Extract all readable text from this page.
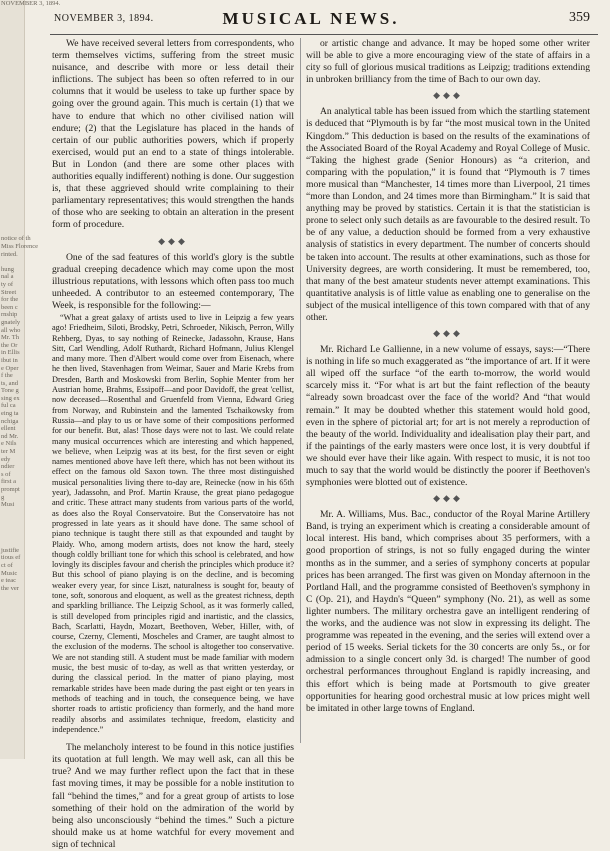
NOVEMBER 3, 1894.

notice of th
Miss Florence
rinted.

hung
nal a
ty of
Street
for the
been c
rnship
gnately
all who
Mr. Th
the Or
in Ellis
ibut in
e Oper
f the
ts, and
Tone g
sing ex
ful ca
eing ta
nchiga
ellent
nd Mr.
e Nils
ter M
edy
ndier
s of
first a
prompt
g
Musi

justifie
tious ef
ct of
Music
e teac
the ver
NOVEMBER 3, 1894.	MUSICAL NEWS.	359

We have received several letters from correspondents, who term themselves victims, suffering from the street music nuisance, and describe with more or less detail their inflictions. The subject has been so often referred to in our columns that it would be useless to take up further space by going over the ground again. This much is certain (1) that we have to endure that which no other civilised nation will endure; (2) that the Legislature has placed in the hands of certain of our public authorities powers, which if properly exercised, would put an end to a state of things intolerable. But in London (and there are some other places with authorities equally indifferent) nothing is done. Our suggestion is, that these aggrieved should write complaining to their parliamentary representatives; this would strengthen the hands of those who are seeking to obtain an alteration in the present form of procedure.

◆◆◆

One of the sad features of this world's glory is the subtle gradual creeping decadence which may come upon the most illustrious reputations, with lessons which often pass too much unheeded. A contributor to an esteemed contemporary, The Week, is responsible for the following:—

“What a great galaxy of artists used to live in Leipzig a few years ago! Friedheim, Siloti, Brodsky, Petri, Schroeder, Nikisch, Perron, Willy Rehberg, Dyas, to say nothing of Reinecke, Jadassohn, Krause, Hans Sitt, Carl Wendling, Adolf Ruthardt, Richard Hofmann, Julius Klengel and many more. Then d'Albert would come over from Eisenach, where he then lived, Stavenhagen from Weimar, Sauer and Marie Krebs from Dresden, Barth and Moskowski from Berlin, Sophie Menter from her Austrian home, Brahms, Essipoff—and poor Davidoff, the great 'cellist, now deceased—Rosenthal and Gruenfeld from Vienna, Edward Grieg from Norway, and Rubinstein and the lamented Tschaikowsky from Russia—and play to us or have some of their compositions performed for our benefit. But, alas! Those days were not to last. We could relate many musical occurrences which are interesting and which happened, we believe, when Leipzig was at its best, for the first seven or eight names mentioned above have left there, which has not been without its effect on the famous old Saxon town. The three most distinguished musical personalities living there to-day are, Reinecke (now in his 65th year), Jadassohn, and Prof. Martin Krause, the great piano pedagogue and critic. These attract many students from various parts of the world, as does also the Royal Conservatoire. But the Conservatoire has not progressed in late years as it should have done. The same school of piano technique is taught there still as that expounded and taught by Plaidy. Who, among modern artists, does not know the hard, steely though coldly brilliant tone for which this school is celebrated, and how lovingly its disciples favour and cherish the principles which produce it? But this school of piano playing is on the decline, and is becoming weaker every year, for since Liszt, naturalness is sought for, beauty of tone, soft, sonorous and eloquent, as well as the greatest richness, depth and sparkling brilliance. The Leipzig School, as it was formerly called, is still developed from principles rigid and inartistic, and the classics, Bach, Scarlatti, Haydn, Mozart, Beethoven, Weber, Hiller, with, of course, Czerny, Clementi, Moscheles and Cramer, are taught almost to the exclusion of the moderns. The school is altogether too conservative. We are not standing still. A student must be made familiar with modern music, the best music of to-day, as well as that written yesterday, or during the classical period. In the matter of piano playing, most remarkable strides have been made during the past eight or ten years in methods of teaching and in touch, the consequence being, we have shorter roads to artistic proficiency than formerly, and the hand more readily absorbs and assimilates technique, freedom, elasticity and independence.”

The melancholy interest to be found in this notice justifies its quotation at full length. We may well ask, can all this be true? And we may further reflect upon the fact that in these fast moving times, it may be possible for a noble institution to fall “behind the times,” and for a great group of artists to lose something of their hold on the admiration of the world by being also unconsciously “behind the times.” Such a picture should make us at home watchful for every movement and sign of technical

or artistic change and advance. It may be hoped some other writer will be able to give a more encouraging view of the state of affairs in a city so full of glorious musical traditions as Leipzig; traditions extending in unbroken brilliancy from the time of Bach to our own day.

◆◆◆

An analytical table has been issued from which the startling statement is deduced that “Plymouth is by far “the most musical town in the United Kingdom.” This deduction is based on the results of the examinations of the Associated Board of the Royal Academy and Royal College of Music. “Taking the highest grade (Senior Honours) as “a criterion, and comparing with the population,” it is found that “Plymouth is 7 times more musical than “Manchester, 14 times more than Liverpool, 21 times “more than London, and 24 times more than Birmingham.” It is said that anything may be proved by statistics. Certain it is that the statistician is prone to select only such details as are favourable to the desired result. To be of any value, a deduction should be formed from a very exhaustive analysis of statistics in every department. The number of concerts should be taken into account. The results at other examinations, such as those for University degrees, are worth considering. It must be remembered, too, that many of the best amateur students never attempt examinations. This quantitative analysis is of little value as enabling one to generalise on the subject of the musical intelligence of this town compared with that of any other.

◆◆◆

Mr. Richard Le Gallienne, in a new volume of essays, says:—“There is nothing in life so much exaggerated as “the importance of art. If it were all wiped off the surface “of the earth to-morrow, the world would scarcely miss it. “For what is art but the faint reflection of the beauty “already sown broadcast over the face of the world? And “that would remain.” It may be doubted whether this statement would hold good, even in the sphere of pictorial art; for art is not merely a reproduction of the beauty of the world. Individuality and idealisation play their part, and if the paintings of the early masters were once lost, it is very doubtful if we should ever have their like again. With respect to music, it is not too much to say that the world would be distinctly the poorer if Beethoven's symphonies were blotted out of existence.

◆◆◆

Mr. A. Williams, Mus. Bac., conductor of the Royal Marine Artillery Band, is trying an experiment which is creating a considerable amount of local interest. His band, which comprises about 35 performers, with a good proportion of strings, is not so fully engaged during the winter months as in the summer, and a series of symphony concerts at popular prices has been arranged. The first was given on Monday afternoon in the Portland Hall, and the programme consisted of Beethoven's symphony in C (Op. 21), and Haydn's “Queen” symphony (No. 21), as well as some lighter numbers. The military orchestra gave an intelligent rendering of the works, and the audience was not slow in expressing its delight. The programme was repeated in the evening, and the series will extend over a period of 15 weeks. Serial tickets for the 30 concerts are only 5s., or for admission to a single concert only 3d. is charged! The number of good orchestral performances throughout England is rapidly increasing, and this effort which is being made at Portsmouth to give greater opportunities for hearing good orchestral music at low prices might well be imitated in other large towns of England.
